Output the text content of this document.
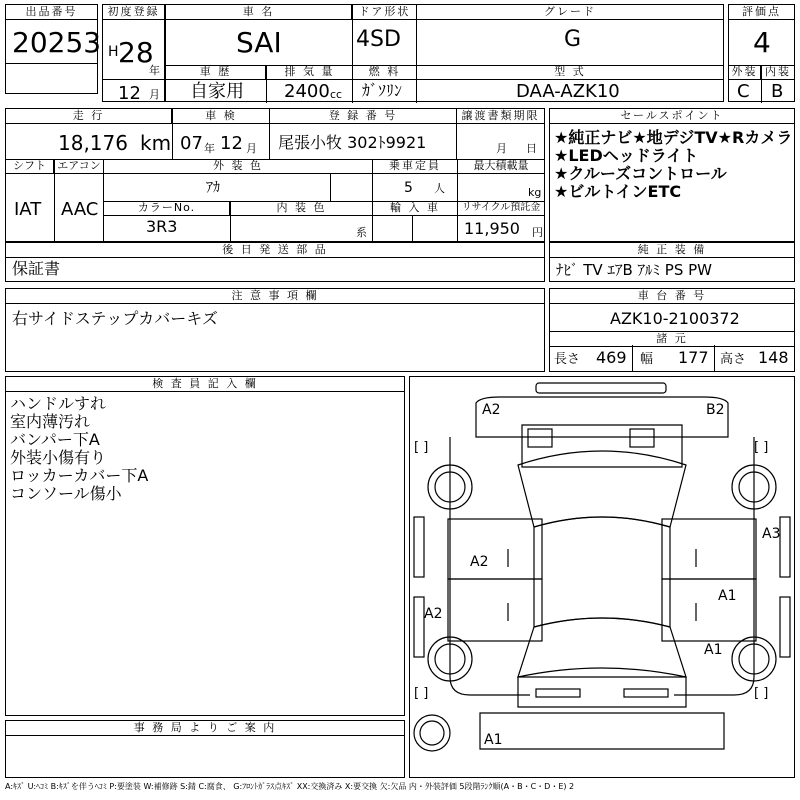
出品番号
20253
初度登録
H 28
年
12 月
車 名
SAI
ドア形状
4SD
グレード
G
車 歴
自家用
排 気 量
2400 cc
燃 料
ｶﾞｿﾘﾝ
型 式
DAA-AZK10
評価点
4
外装 内装
C B
走 行
18,176 km
車 検
07 年 12 月
登 録 番 号
尾張小牧 302ﾄ9921
譲渡書類期限
月 日
シフト
IAT
エアコン
AAC
外 装 色
ｱｶ
乗車定員
5 人
最大積載量
kg
カラーNo.
3R3
内 装 色
系
輸 入 車	リサイクル預託金
11,950 円
セールスポイント
★純正ナビ★地デジTV★Rカメラ
★LEDヘッドライト
★クルーズコントロール
★ビルトインETC
後 日 発 送 部 品
保証書
純 正 装 備
ﾅﾋﾞ TV ｴｱB ｱﾙﾐ PS PW
注 意 事 項 欄
右サイドステップカバーキズ
車 台 番 号
AZK10-2100372
諸 元
長さ 469 幅 177 高さ 148
検 査 員 記 入 欄
ハンドルすれ
室内薄汚れ
バンパー下A
外装小傷有り
ロッカーカバー下A
コンソール傷小
事 務 局 よ り ご 案 内
[ ]	[ ]
[ ]	[ ]
A2	B2
A3
A2
A2
A1
A1
A1
A:ｷｽﾞ U:ﾍｺﾐ B:ｷｽﾞを伴うﾍｺﾐ P:要塗装 W:補修跡 S:錆 C:腐食、 G:ﾌﾛﾝﾄｶﾞﾗｽ点ｷｽﾞ XX:交換済み X:要交換 欠:欠品 内・外装評価 5段階ﾗﾝｸ順(A・B・C・D・E) 2
